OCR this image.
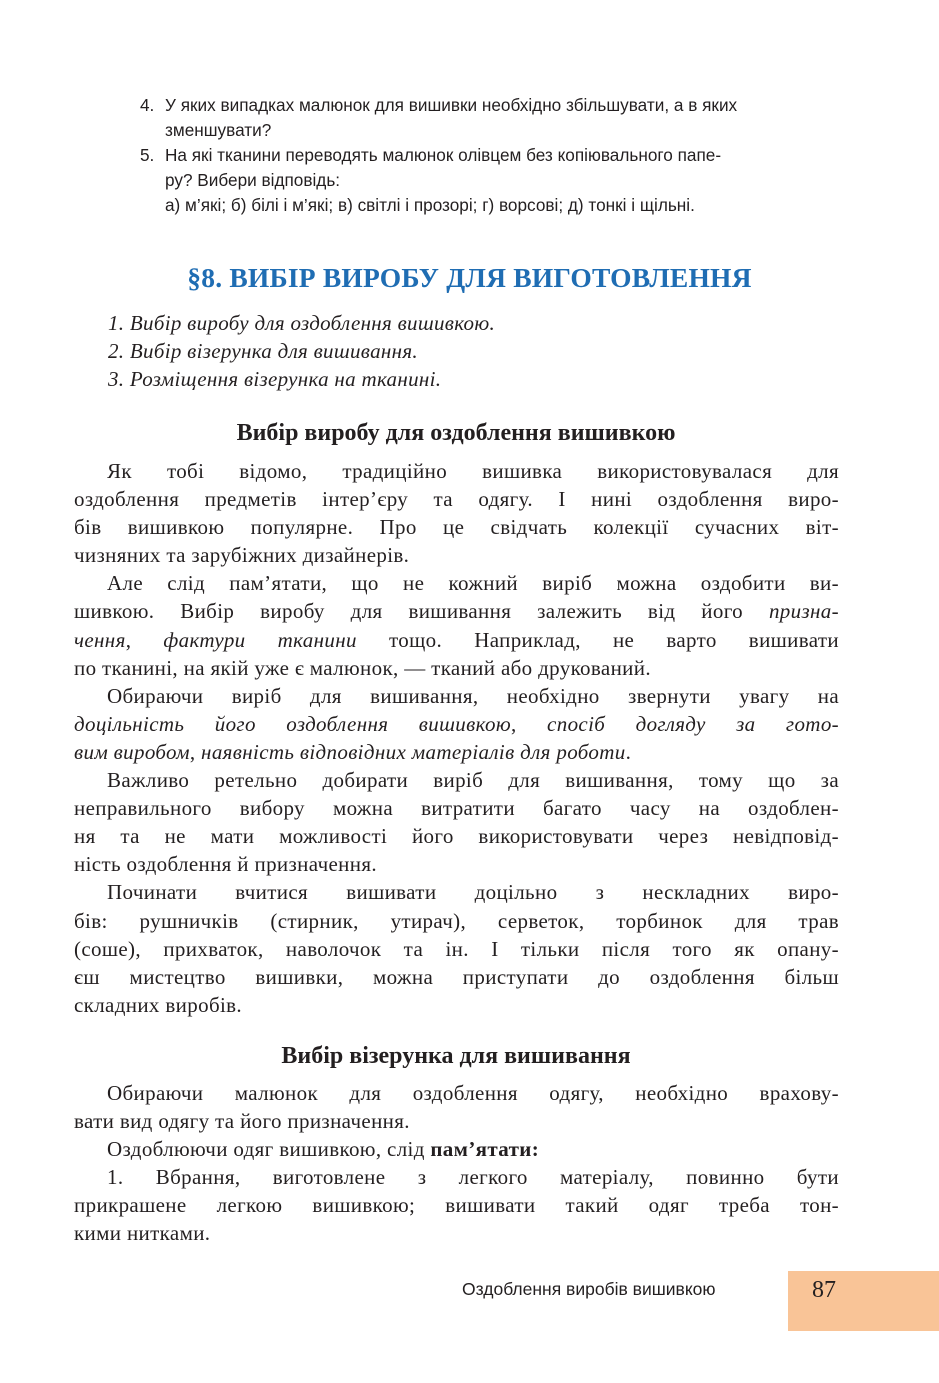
4. У яких випадках малюнок для вишивки необхідно збільшувати, а в яких
зменшувати?
5. На які тканини переводять малюнок олівцем без копіювального папе-
ру? Вибери відповідь:
а) м’які; б) білі і м’які; в) світлі і прозорі; г) ворсові; д) тонкі і щільні.
§8. ВИБІР ВИРОБУ ДЛЯ ВИГОТОВЛЕННЯ
1. Вибір виробу для оздоблення вишивкою.
2. Вибір візерунка для вишивання.
3. Розміщення візерунка на тканині.
Вибір виробу для оздоблення вишивкою
Як тобі відомо, традиційно вишивка використовувалася для
оздоблення предметів інтер’єру та одягу. І нині оздоблення виро-
бів вишивкою популярне. Про це свідчать колекції сучасних віт-
чизняних та зарубіжних дизайнерів.
Але слід пам’ятати, що не кожний виріб можна оздобити ви-
шивкою. Вибір виробу для вишивання залежить від його призна-
чення, фактури тканини тощо. Наприклад, не варто вишивати
по тканині, на якій уже є малюнок, — тканий або друкований.
Обираючи виріб для вишивання, необхідно звернути увагу на
доцільність його оздоблення вишивкою, спосіб догляду за гото-
вим виробом, наявність відповідних матеріалів для роботи.
Важливо ретельно добирати виріб для вишивання, тому що за
неправильного вибору можна витратити багато часу на оздоблен-
ня та не мати можливості його використовувати через невідповід-
ність оздоблення й призначення.
Починати вчитися вишивати доцільно з нескладних виро-
бів: рушничків (стирник, утирач), серветок, торбинок для трав
(соше), прихваток, наволочок та ін. І тільки після того як опану-
єш мистецтво вишивки, можна приступати до оздоблення більш
складних виробів.
Вибір візерунка для вишивання
Обираючи малюнок для оздоблення одягу, необхідно врахову-
вати вид одягу та його призначення.
Оздоблюючи одяг вишивкою, слід пам’ятати:
1. Вбрання, виготовлене з легкого матеріалу, повинно бути
прикрашене легкою вишивкою; вишивати такий одяг треба тон-
кими нитками.
Оздоблення виробів вишивкою	87
